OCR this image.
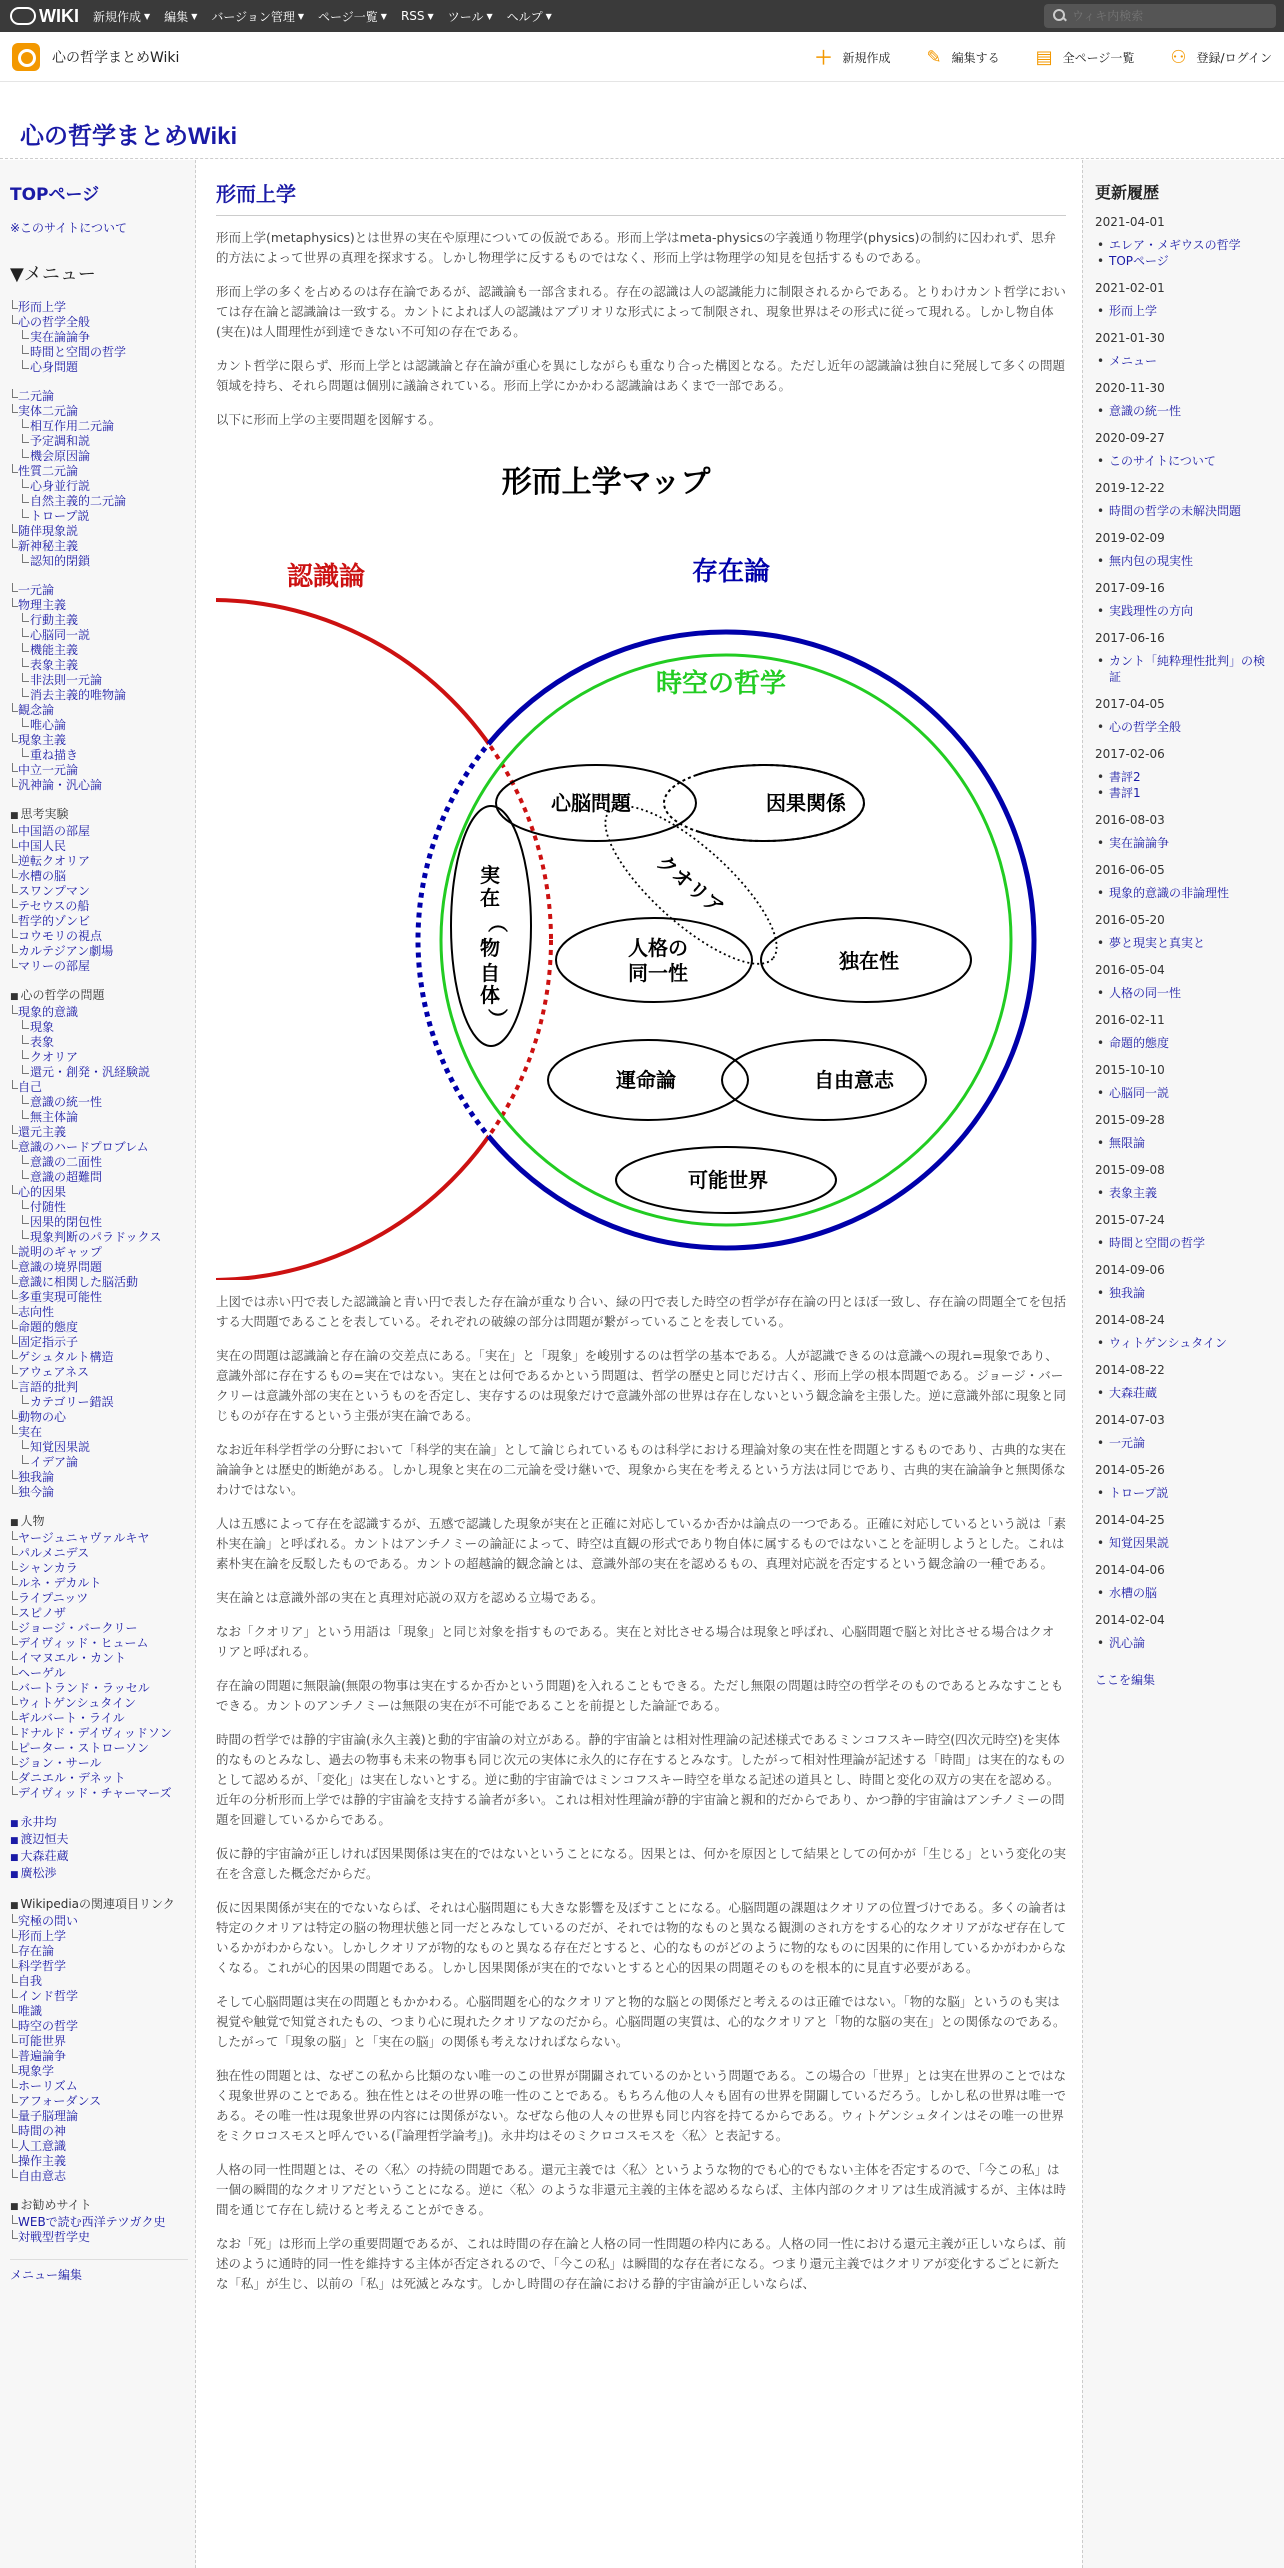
WIKI 新規作成 ▼ 編集 ▼ バージョン管理 ▼ ページ一覧 ▼ RSS ▼ ツール ▼ ヘルプ ▼
ウィキ内検索
心の哲学まとめWiki	＋ 新規作成 ✎ 編集する ▤ 全ページ一覧 ⚇ 登録/ログイン
心の哲学まとめWiki
TOPページ
※このサイトについて
▼メニュー
形而上学
心の哲学全般
実在論論争
時間と空間の哲学
心身問題
二元論
実体二元論
相互作用二元論
予定調和説
機会原因論
性質二元論
心身並行説
自然主義的二元論
トロープ説
随伴現象説
新神秘主義
認知的閉鎖
一元論
物理主義
行動主義
心脳同一説
機能主義
表象主義
非法則一元論
消去主義的唯物論
観念論
唯心論
現象主義
重ね描き
中立一元論
汎神論・汎心論
■ 思考実験
中国語の部屋
中国人民
逆転クオリア
水槽の脳
スワンプマン
テセウスの船
哲学的ゾンビ
コウモリの視点
カルテジアン劇場
マリーの部屋
■ 心の哲学の問題
現象的意識
現象
表象
クオリア
還元・創発・汎経験説
自己
意識の統一性
無主体論
還元主義
意識のハードプロブレム
意識の二面性
意識の超難問
心的因果
付随性
因果的閉包性
現象判断のパラドックス
説明のギャップ
意識の境界問題
意識に相関した脳活動
多重実現可能性
志向性
命題的態度
固定指示子
ゲシュタルト構造
アウェアネス
言語的批判
カテゴリー錯誤
動物の心
実在
知覚因果説
イデア論
独我論
独今論
■ 人物
ヤージュニャヴァルキヤ
パルメニデス
シャンカラ
ルネ・デカルト
ライプニッツ
スピノザ
ジョージ・バークリー
デイヴィッド・ヒューム
イマヌエル・カント
ヘーゲル
バートランド・ラッセル
ウィトゲンシュタイン
ギルバート・ライル
ドナルド・デイヴィッドソン
ピーター・ストローソン
ジョン・サール
ダニエル・デネット
デイヴィッド・チャーマーズ
■ 永井均
■ 渡辺恒夫
■ 大森荘蔵
■ 廣松渉
■ Wikipediaの関連項目リンク
究極の問い
形而上学
存在論
科学哲学
自我
インド哲学
唯識
時空の哲学
可能世界
普遍論争
現象学
ホーリズム
アフォーダンス
量子脳理論
時間の神
人工意識
操作主義
自由意志
■ お勧めサイト
WEBで読む西洋テツガク史
対戦型哲学史
メニュー編集
形而上学

形而上学(metaphysics)とは世界の実在や原理についての仮説である。形而上学はmeta-physicsの字義通り物理学(physics)の制約に囚われず、思弁的方法によって世界の真理を探求する。しかし物理学に反するものではなく、形而上学は物理学の知見を包括するものである。

形而上学の多くを占めるのは存在論であるが、認識論も一部含まれる。存在の認識は人の認識能力に制限されるからである。とりわけカント哲学においては存在論と認識論は一致する。カントによれば人の認識はアプリオリな形式によって制限され、現象世界はその形式に従って現れる。しかし物自体(実在)は人間理性が到達できない不可知の存在である。

カント哲学に限らず、形而上学とは認識論と存在論が重心を異にしながらも重なり合った構図となる。ただし近年の認識論は独自に発展して多くの問題領域を持ち、それら問題は個別に議論されている。形而上学にかかわる認識論はあくまで一部である。

以下に形而上学の主要問題を図解する。

形而上学マップ
認識論	存在論
時空の哲学
実在︵物自体︶
心脳問題	因果関係
クオリア
人格の
同一性	独在性
運命論	自由意志
可能世界

上図では赤い円で表した認識論と青い円で表した存在論が重なり合い、緑の円で表した時空の哲学が存在論の円とほぼ一致し、存在論の問題全てを包括する大問題であることを表している。それぞれの破線の部分は問題が繋がっていることを表している。

実在の問題は認識論と存在論の交差点にある。「実在」と「現象」を峻別するのは哲学の基本である。人が認識できるのは意識への現れ=現象であり、意識外部に存在するもの=実在ではない。実在とは何であるかという問題は、哲学の歴史と同じだけ古く、形而上学の根本問題である。ジョージ・バークリーは意識外部の実在というものを否定し、実存するのは現象だけで意識外部の世界は存在しないという観念論を主張した。逆に意識外部に現象と同じものが存在するという主張が実在論である。

なお近年科学哲学の分野において「科学的実在論」として論じられているものは科学における理論対象の実在性を問題とするものであり、古典的な実在論論争とは歴史的断絶がある。しかし現象と実在の二元論を受け継いで、現象から実在を考えるという方法は同じであり、古典的実在論論争と無関係なわけではない。

人は五感によって存在を認識するが、五感で認識した現象が実在と正確に対応しているか否かは論点の一つである。正確に対応しているという説は「素朴実在論」と呼ばれる。カントはアンチノミーの論証によって、時空は直観の形式であり物自体に属するものではないことを証明しようとした。これは素朴実在論を反駁したものである。カントの超越論的観念論とは、意識外部の実在を認めるもの、真理対応説を否定するという観念論の一種である。

実在論とは意識外部の実在と真理対応説の双方を認める立場である。

なお「クオリア」という用語は「現象」と同じ対象を指すものである。実在と対比させる場合は現象と呼ばれ、心脳問題で脳と対比させる場合はクオリアと呼ばれる。

存在論の問題に無限論(無限の物事は実在するか否かという問題)を入れることもできる。ただし無限の問題は時空の哲学そのものであるとみなすこともできる。カントのアンチノミーは無限の実在が不可能であることを前提とした論証である。

時間の哲学では静的宇宙論(永久主義)と動的宇宙論の対立がある。静的宇宙論とは相対性理論の記述様式であるミンコフスキー時空(四次元時空)を実体的なものとみなし、過去の物事も未来の物事も同じ次元の実体に永久的に存在するとみなす。したがって相対性理論が記述する「時間」は実在的なものとして認めるが、「変化」は実在しないとする。逆に動的宇宙論ではミンコフスキー時空を単なる記述の道具とし、時間と変化の双方の実在を認める。近年の分析形而上学では静的宇宙論を支持する論者が多い。これは相対性理論が静的宇宙論と親和的だからであり、かつ静的宇宙論はアンチノミーの問題を回避しているからである。

仮に静的宇宙論が正しければ因果関係は実在的ではないということになる。因果とは、何かを原因として結果としての何かが「生じる」という変化の実在を含意した概念だからだ。

仮に因果関係が実在的でないならば、それは心脳問題にも大きな影響を及ぼすことになる。心脳問題の課題はクオリアの位置づけである。多くの論者は特定のクオリアは特定の脳の物理状態と同一だとみなしているのだが、それでは物的なものと異なる観測のされ方をする心的なクオリアがなぜ存在しているかがわからない。しかしクオリアが物的なものと異なる存在だとすると、心的なものがどのように物的なものに因果的に作用しているかがわからなくなる。これが心的因果の問題である。しかし因果関係が実在的でないとすると心的因果の問題そのものを根本的に見直す必要がある。

そして心脳問題は実在の問題ともかかわる。心脳問題を心的なクオリアと物的な脳との関係だと考えるのは正確ではない。「物的な脳」というのも実は視覚や触覚で知覚されたもの、つまり心に現れたクオリアなのだから。心脳問題の実質は、心的なクオリアと「物的な脳の実在」との関係なのである。したがって「現象の脳」と「実在の脳」の関係も考えなければならない。

独在性の問題とは、なぜこの私から比類のない唯一のこの世界が開闢されているのかという問題である。この場合の「世界」とは実在世界のことではなく現象世界のことである。独在性とはその世界の唯一性のことである。もちろん他の人々も固有の世界を開闢しているだろう。しかし私の世界は唯一である。その唯一性は現象世界の内容には関係がない。なぜなら他の人々の世界も同じ内容を持てるからである。ウィトゲンシュタインはその唯一の世界をミクロコスモスと呼んでいる(『論理哲学論考』)。永井均はそのミクロコスモスを〈私〉と表記する。

人格の同一性問題とは、その〈私〉の持続の問題である。還元主義では〈私〉というような物的でも心的でもない主体を否定するので、「今この私」は一個の瞬間的なクオリアだということになる。逆に〈私〉のような非還元主義的主体を認めるならば、主体内部のクオリアは生成消滅するが、主体は時間を通じて存在し続けると考えることができる。

なお「死」は形而上学の重要問題であるが、これは時間の存在論と人格の同一性問題の枠内にある。人格の同一性における還元主義が正しいならば、前述のように通時的同一性を維持する主体が否定されるので、「今この私」は瞬間的な存在者になる。つまり還元主義ではクオリアが変化するごとに新たな「私」が生じ、以前の「私」は死滅とみなす。しかし時間の存在論における静的宇宙論が正しいならば、

更新履歴
2021-04-01
• エレア・メギウスの哲学
• TOPページ
2021-02-01
• 形而上学
2021-01-30
• メニュー
2020-11-30
• 意識の統一性
2020-09-27
• このサイトについて
2019-12-22
• 時間の哲学の未解決問題
2019-02-09
• 無内包の現実性
2017-09-16
• 実践理性の方向
2017-06-16
• カント「純粋理性批判」の検証
2017-04-05
• 心の哲学全般
2017-02-06
• 書評2
• 書評1
2016-08-03
• 実在論論争
2016-06-05
• 現象的意識の非論理性
2016-05-20
• 夢と現実と真実と
2016-05-04
• 人格の同一性
2016-02-11
• 命題的態度
2015-10-10
• 心脳同一説
2015-09-28
• 無限論
2015-09-08
• 表象主義
2015-07-24
• 時間と空間の哲学
2014-09-06
• 独我論
2014-08-24
• ウィトゲンシュタイン
2014-08-22
• 大森荘蔵
2014-07-03
• 一元論
2014-05-26
• トロープ説
2014-04-25
• 知覚因果説
2014-04-06
• 水槽の脳
2014-02-04
• 汎心論
ここを編集
